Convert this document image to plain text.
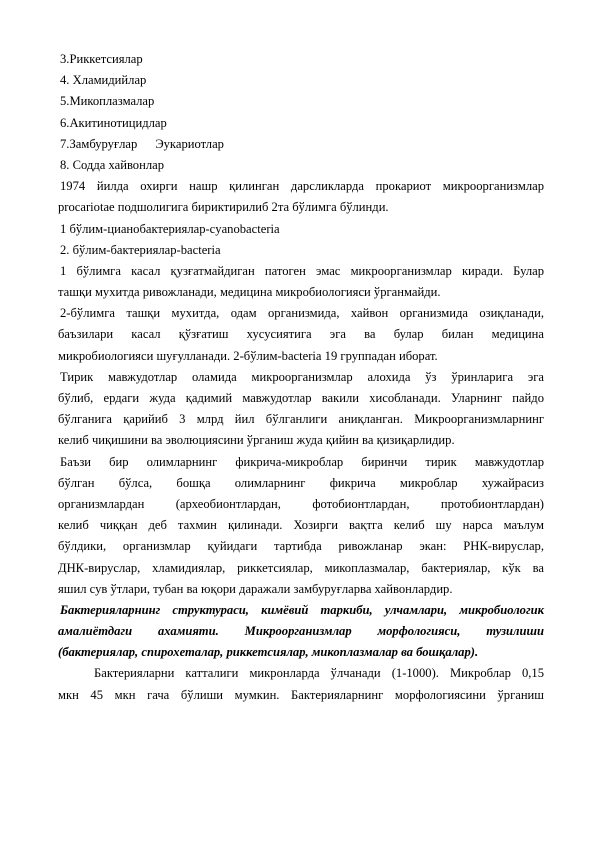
3.Риккетсиялар
4. Хламидийлар
5.Микоплазмалар
6.Акитинотицидлар
7.Замбуруғлар Эукариотлар
8. Содда хайвонлар
1974 йилда охирги нашр қилинган дарсликларда прокариот микроорганизмлар
procariotae подшолигига бириктирилиб 2та бўлимга бўлинди.
1 бўлим-цианобактериялар-cyanobacteria
2. бўлим-бактериялар-bacteria
1 бўлимга касал қузғатмайдиган патоген эмас микроорганизмлар киради. Булар
ташқи мухитда ривожланади, медицина микробиологияси ўрганмайди.
2-бўлимга ташқи мухитда, одам организмида, хайвон организмида озиқланади,
баъзилари касал қўзғатиш хусусиятига эга ва булар билан медицина
микробиологияси шуғулланади. 2-бўлим-bacteria 19 группадан иборат.
Тирик мавжудотлар оламида микроорганизмлар алохида ўз ўринларига эга
бўлиб, ердаги жуда қадимий мавжудотлар вакили хисобланади. Уларнинг пайдо
бўлганига қарийиб 3 млрд йил бўлганлиги аниқланган. Микроорганизмларнинг
келиб чиқишини ва эволюциясини ўрганиш жуда қийин ва қизиқарлидир.
Баъзи бир олимларнинг фикрича-микроблар биринчи тирик мавжудотлар
бўлган бўлса, бошқа олимларнинг фикрича микроблар хужайрасиз
организмлардан (археобионтлардан, фотобионтлардан, протобионтлардан)
келиб чиққан деб тахмин қилинади. Хозирги вақтга келиб шу нарса маълум
бўлдики, организмлар қуйидаги тартибда ривожланар экан: РНК-вируслар,
ДНК-вируслар, хламидиялар, риккетсиялар, микоплазмалар, бактериялар, кўк ва
яшил сув ўтлари, тубан ва юқори даражали замбуруғларва хайвонлардир.
Бактерияларнинг структураси, кимёвий таркиби, улчамлари, микробиологик
амалиётдаги ахамияти. Микроорганизмлар морфологияси, тузилиши
(бактериялар, спирохеталар, риккетсиялар, микоплазмалар ва бошқалар).
Бактерияларни катталиги микронларда ўлчанади (1-1000). Микроблар 0,15
мкн 45 мкн гача бўлиши мумкин. Бактерияларнинг морфологиясини ўрганиш
